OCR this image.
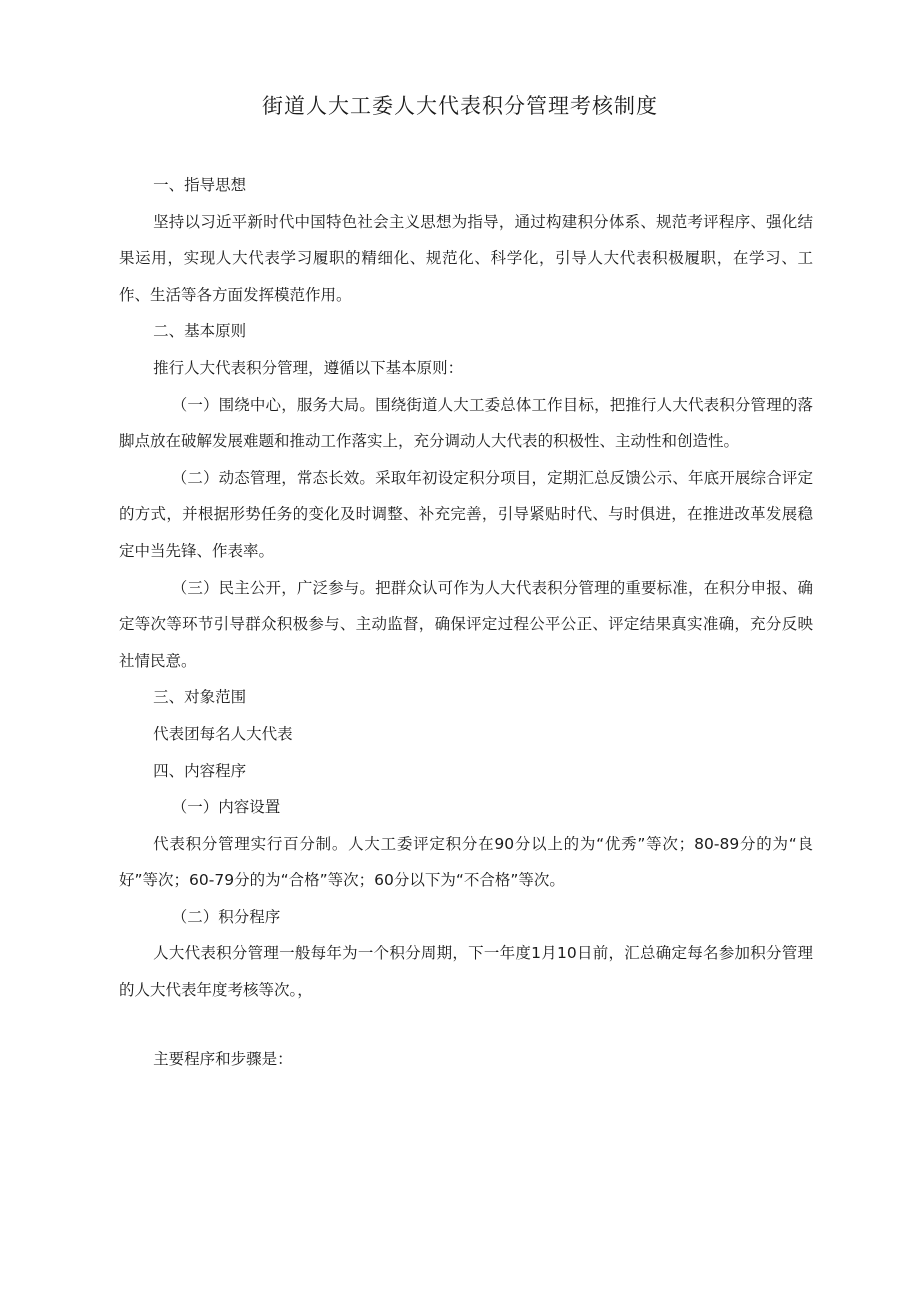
街道人大工委人大代表积分管理考核制度

一、指导思想

坚持以习近平新时代中国特色社会主义思想为指导，通过构建积分体系、规范考评程序、强化结果运用，实现人大代表学习履职的精细化、规范化、科学化，引导人大代表积极履职，在学习、工作、生活等各方面发挥模范作用。

二、基本原则

推行人大代表积分管理，遵循以下基本原则：

（一）围绕中心，服务大局。围绕街道人大工委总体工作目标，把推行人大代表积分管理的落脚点放在破解发展难题和推动工作落实上，充分调动人大代表的积极性、主动性和创造性。

（二）动态管理，常态长效。采取年初设定积分项目，定期汇总反馈公示、年底开展综合评定的方式，并根据形势任务的变化及时调整、补充完善，引导紧贴时代、与时俱进，在推进改革发展稳定中当先锋、作表率。

（三）民主公开，广泛参与。把群众认可作为人大代表积分管理的重要标准，在积分申报、确定等次等环节引导群众积极参与、主动监督，确保评定过程公平公正、评定结果真实准确，充分反映社情民意。

三、对象范围

代表团每名人大代表

四、内容程序

（一）内容设置

代表积分管理实行百分制。人大工委评定积分在90分以上的为“优秀”等次；80-89分的为“良好”等次；60-79分的为“合格”等次；60分以下为“不合格”等次。

（二）积分程序

人大代表积分管理一般每年为一个积分周期，下一年度1月10日前，汇总确定每名参加积分管理的人大代表年度考核等次。，

主要程序和步骤是：
